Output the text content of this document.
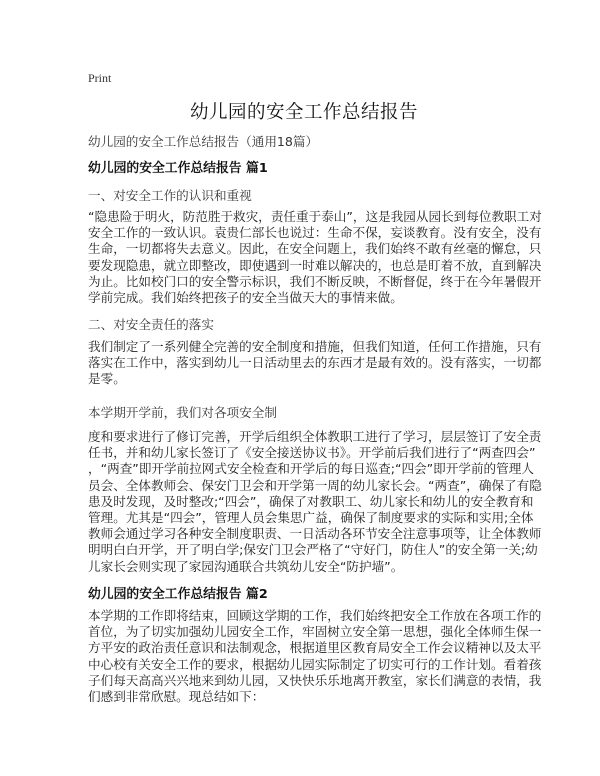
Print
幼儿园的安全工作总结报告
幼儿园的安全工作总结报告（通用18篇）
幼儿园的安全工作总结报告 篇1
一、对安全工作的认识和重视
“隐患险于明火，防范胜于救灾，责任重于泰山”，这是我园从园长到每位教职工对
安全工作的一致认识。袁贵仁部长也说过：生命不保，妄谈教育。没有安全，没有
生命，一切都将失去意义。因此，在安全问题上，我们始终不敢有丝毫的懈怠，只
要发现隐患，就立即整改，即使遇到一时难以解决的，也总是盯着不放，直到解决
为止。比如校门口的安全警示标识，我们不断反映，不断督促，终于在今年暑假开
学前完成。我们始终把孩子的安全当做天大的事情来做。
二、对安全责任的落实
我们制定了一系列健全完善的安全制度和措施，但我们知道，任何工作措施，只有
落实在工作中，落实到幼儿一日活动里去的东西才是最有效的。没有落实，一切都
是零。
本学期开学前，我们对各项安全制
度和要求进行了修订完善，开学后组织全体教职工进行了学习，层层签订了安全责
任书，并和幼儿家长签订了《安全接送协议书》。开学前后我们进行了“两查四会”
，“两查”即开学前拉网式安全检查和开学后的每日巡查;“四会”即开学前的管理人
员会、全体教师会、保安门卫会和开学第一周的幼儿家长会。“两查”，确保了有隐
患及时发现，及时整改;“四会”，确保了对教职工、幼儿家长和幼儿的安全教育和
管理。尤其是“四会”，管理人员会集思广益，确保了制度要求的实际和实用;全体
教师会通过学习各种安全制度职责、一日活动各环节安全注意事项等，让全体教师
明明白白开学，开了明白学;保安门卫会严格了“守好门，防住人”的安全第一关;幼
儿家长会则实现了家园沟通联合共筑幼儿安全“防护墙”。
幼儿园的安全工作总结报告 篇2
本学期的工作即将结束，回顾这学期的工作，我们始终把安全工作放在各项工作的
首位，为了切实加强幼儿园安全工作，牢固树立安全第一思想，强化全体师生保一
方平安的政治责任意识和法制观念，根据道里区教育局安全工作会议精神以及太平
中心校有关安全工作的要求，根据幼儿园实际制定了切实可行的工作计划。看着孩
子们每天高高兴兴地来到幼儿园，又快快乐乐地离开教室，家长们满意的表情，我
们感到非常欣慰。现总结如下：
